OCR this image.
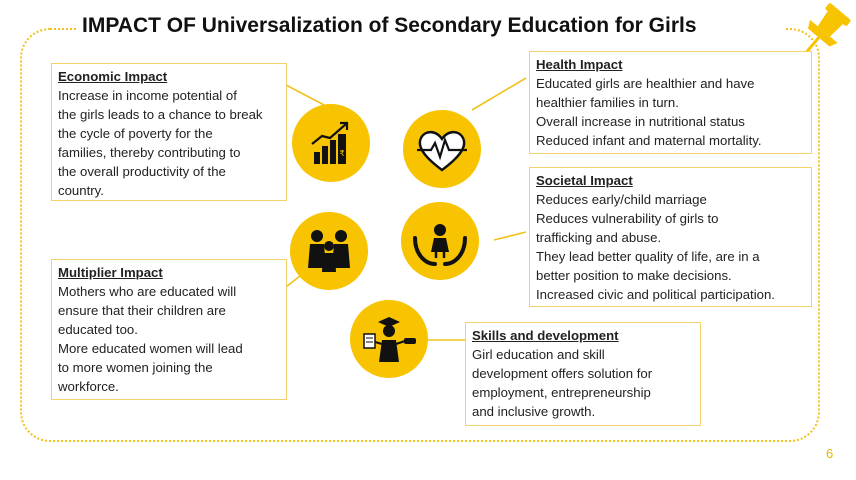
IMPACT OF Universalization of Secondary Education for Girls
₹
Economic Impact
Increase in income potential of
the girls leads to a chance to break
the cycle of poverty for the
families, thereby contributing to
the overall productivity of the
country.
Health Impact
Educated girls are healthier and have
healthier families in turn.
Overall increase in nutritional status
Reduced infant and maternal mortality.
Societal Impact
Reduces early/child marriage
Reduces vulnerability of girls to
trafficking and abuse.
They lead better quality of life, are in a
better position to make decisions.
Increased civic and political participation.
Multiplier Impact
Mothers who are educated will
ensure that their children are
educated too.
More educated women will lead
to more women joining the
workforce.
Skills and development
Girl education and skill
development offers solution for
employment, entrepreneurship
and inclusive growth.
6
